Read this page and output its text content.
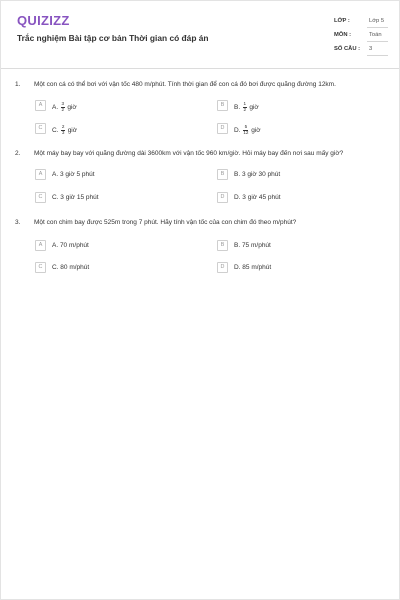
QUIZIZZ
Trắc nghiệm Bài tập cơ bản Thời gian có đáp án
LỚP :	Lớp 5
MÔN :	Toán
SỐ CÂU : 3
1. Một con cá có thể bơi với vận tốc 480 m/phút. Tính thời gian để con cá đó bơi được quãng đường 12km.
A	A. $\frac{3}{2}$ giờ	B	B. $\frac{1}{2}$ giờ
C	C. $\frac{2}{3}$ giờ	D	D. $\frac{5}{12}$ giờ
2. Một máy bay bay với quãng đường dài 3600km với vận tốc 960 km/giờ. Hỏi máy bay đến nơi sau mấy giờ?
A	A. 3 giờ 5 phút	B	B. 3 giờ 30 phút
C	C. 3 giờ 15 phút	D	D. 3 giờ 45 phút
3. Một con chim bay được 525m trong 7 phút. Hãy tính vận tốc của con chim đó theo m/phút?
A	A. 70 m/phút	B	B. 75 m/phút
C	C. 80 m/phút	D	D. 85 m/phút
